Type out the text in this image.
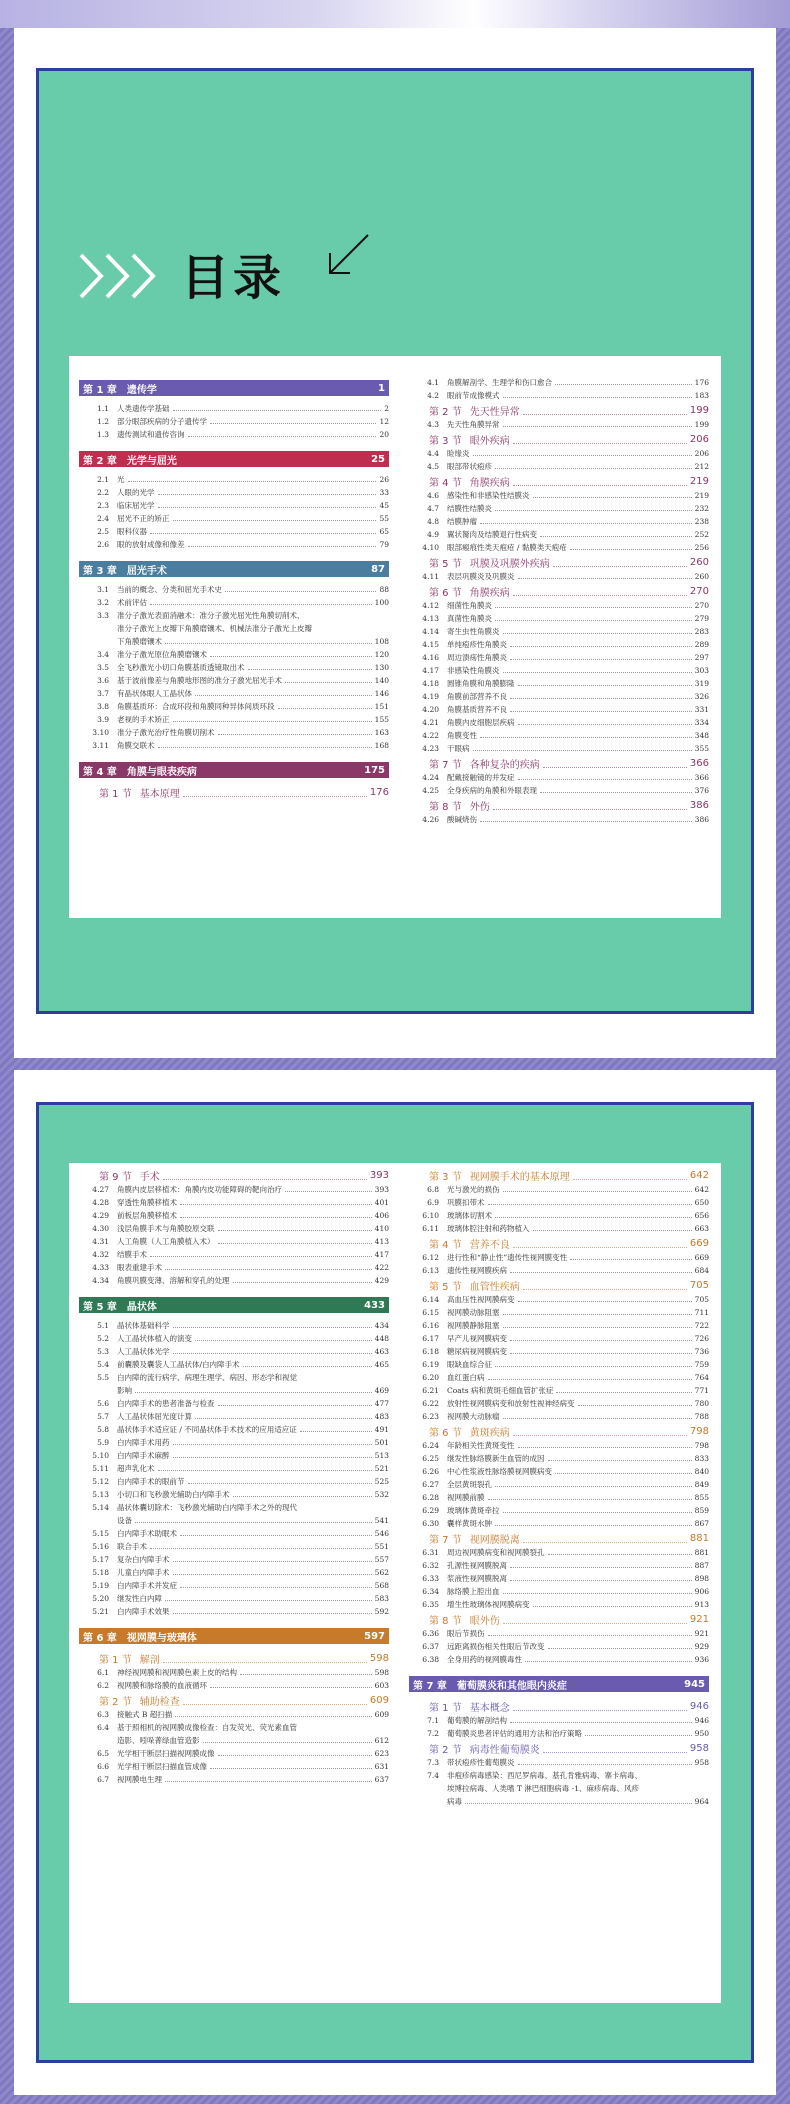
目录
第 1 章 遗传学	1
1.1 人类遗传学基础	2
1.2 部分眼部疾病的分子遗传学	12
1.3 遗传测试和遗传咨询	20
第 2 章 光学与屈光	25
2.1 光	26
2.2 人眼的光学	33
2.3 临床屈光学	45
2.4 屈光不正的矫正	55
2.5 眼科仪器	65
2.6 眼的放射成像和像差	79
第 3 章 屈光手术	87
3.1 当前的概念、分类和屈光手术史	88
3.2 术前评估	100
3.3 准分子激光表面消融术：准分子激光屈光性角膜切削术、
准分子激光上皮瓣下角膜磨镶术、机械法准分子激光上皮瓣
下角膜磨镶术	108
3.4 准分子激光原位角膜磨镶术	120
3.5 全飞秒激光小切口角膜基质透镜取出术	130
3.6 基于波前像差与角膜地形图的准分子激光屈光手术	140
3.7 有晶状体眼人工晶状体	146
3.8 角膜基质环：合成环段和角膜同种异体间质环段	151
3.9 老视的手术矫正	155
3.10 准分子激光治疗性角膜切削术	163
3.11 角膜交联术	168
第 4 章 角膜与眼表疾病	175
第 1 节 基本原理	176
4.1 角膜解剖学、生理学和伤口愈合	176
4.2 眼前节成像模式	183
第 2 节 先天性异常	199
4.3 先天性角膜异常	199
第 3 节 眼外疾病	206
4.4 睑缘炎	206
4.5 眼部带状疱疹	212
第 4 节 角膜疾病	219
4.6 感染性和非感染性结膜炎	219
4.7 结膜性结膜炎	232
4.8 结膜肿瘤	238
4.9 翼状胬肉及结膜退行性病变	252
4.10 眼部瘢痕性类天疱疮 / 黏膜类天疱疮	256
第 5 节 巩膜及巩膜外疾病	260
4.11 表层巩膜炎及巩膜炎	260
第 6 节 角膜疾病	270
4.12 细菌性角膜炎	270
4.13 真菌性角膜炎	279
4.14 寄生虫性角膜炎	283
4.15 单纯疱疹性角膜炎	289
4.16 周边溃疡性角膜炎	297
4.17 非感染性角膜炎	303
4.18 圆锥角膜和角膜膨隆	319
4.19 角膜前部营养不良	326
4.20 角膜基质营养不良	331
4.21 角膜内皮细胞层疾病	334
4.22 角膜变性	348
4.23 干眼病	355
第 7 节 各种复杂的疾病	366
4.24 配戴接触镜的并发症	366
4.25 全身疾病的角膜和外眼表现	376
第 8 节 外伤	386
4.26 酸碱烧伤	386
第 9 节 手术	393
4.27 角膜内皮层移植术：角膜内皮功能障碍的靶向治疗	393
4.28 穿透性角膜移植术	401
4.29 前板层角膜移植术	406
4.30 浅层角膜手术与角膜胶原交联	410
4.31 人工角膜（人工角膜植入术）	413
4.32 结膜手术	417
4.33 眼表重建手术	422
4.34 角膜巩膜变薄、溶解和穿孔的处理	429
第 5 章 晶状体	433
5.1 晶状体基础科学	434
5.2 人工晶状体植入的演变	448
5.3 人工晶状体光学	463
5.4 前囊膜及囊袋人工晶状体/白内障手术	465
5.5 白内障的流行病学、病理生理学、病因、形态学和视觉
影响	469
5.6 白内障手术的患者准备与检查	477
5.7 人工晶状体屈光度计算	483
5.8 晶状体手术适应证 / 不同晶状体手术技术的应用适应证	491
5.9 白内障手术用药	501
5.10 白内障手术麻醉	513
5.11 超声乳化术	521
5.12 白内障手术的眼前节	525
5.13 小切口和飞秒激光辅助白内障手术	532
5.14 晶状体囊切除术：飞秒激光辅助白内障手术之外的现代
设备	541
5.15 白内障手术助眠术	546
5.16 联合手术	551
5.17 复杂白内障手术	557
5.18 儿童白内障手术	562
5.19 白内障手术并发症	568
5.20 继发性白内障	583
5.21 白内障手术效果	592
第 6 章 视网膜与玻璃体	597
第 1 节 解剖	598
6.1 神经视网膜和视网膜色素上皮的结构	598
6.2 视网膜和脉络膜的血液循环	603
第 2 节 辅助检查	609
6.3 接触式 B 超扫描	609
6.4 基于照相机的视网膜成像检查：自发荧光、荧光素血管
造影、吲哚菁绿血管造影	612
6.5 光学相干断层扫描视网膜成像	623
6.6 光学相干断层扫描血管成像	631
6.7 视网膜电生理	637
第 3 节 视网膜手术的基本原理	642
6.8 光与激光的损伤	642
6.9 巩膜扣带术	650
6.10 玻璃体切割术	656
6.11 玻璃体腔注射和药物植入	663
第 4 节 营养不良	669
6.12 进行性和“静止性”遗传性视网膜变性	669
6.13 遗传性视网膜疾病	684
第 5 节 血管性疾病	705
6.14 高血压性视网膜病变	705
6.15 视网膜动脉阻塞	711
6.16 视网膜静脉阻塞	722
6.17 早产儿视网膜病变	726
6.18 糖尿病视网膜病变	736
6.19 眼缺血综合征	759
6.20 血红蛋白病	764
6.21 Coats 病和黄斑毛细血管扩张症	771
6.22 放射性视网膜病变和放射性视神经病变	780
6.23 视网膜大动脉瘤	788
第 6 节 黄斑疾病	798
6.24 年龄相关性黄斑变性	798
6.25 继发性脉络膜新生血管的成因	833
6.26 中心性浆液性脉络膜视网膜病变	840
6.27 全层黄斑裂孔	849
6.28 视网膜前膜	855
6.29 玻璃体黄斑牵拉	859
6.30 囊样黄斑水肿	867
第 7 节 视网膜脱离	881
6.31 周边视网膜病变和视网膜裂孔	881
6.32 孔源性视网膜脱离	887
6.33 浆液性视网膜脱离	898
6.34 脉络膜上腔出血	906
6.35 增生性玻璃体视网膜病变	913
第 8 节 眼外伤	921
6.36 眼后节损伤	921
6.37 远距离损伤相关性眼后节改变	929
6.38 全身用药的视网膜毒性	936
第 7 章 葡萄膜炎和其他眼内炎症	945
第 1 节 基本概念	946
7.1 葡萄膜的解剖结构	946
7.2 葡萄膜炎患者评估的通用方法和治疗策略	950
第 2 节 病毒性葡萄膜炎	958
7.3 带状疱疹性葡萄膜炎	958
7.4 非疱疹病毒感染：西尼罗病毒、基孔肯雅病毒、寨卡病毒、
埃博拉病毒、人类嗜 T 淋巴细胞病毒 -1、麻疹病毒、风疹
病毒	964
